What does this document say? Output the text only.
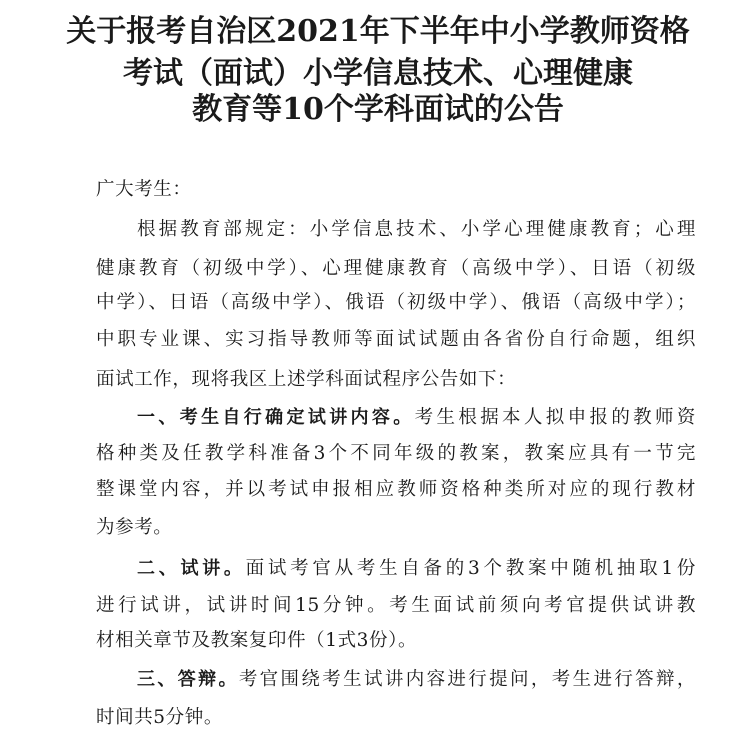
关于报考自治区2021年下半年中小学教师资格
考试（面试）小学信息技术、心理健康
教育等10个学科面试的公告

广大考生：

根据教育部规定：小学信息技术、小学心理健康教育；心理

健康教育（初级中学）、心理健康教育（高级中学）、日语（初级

中学）、日语（高级中学）、俄语（初级中学）、俄语（高级中学）；

中职专业课、实习指导教师等面试试题由各省份自行命题，组织

面试工作，现将我区上述学科面试程序公告如下：

一、考生自行确定试讲内容。考生根据本人拟申报的教师资

格种类及任教学科准备3个不同年级的教案，教案应具有一节完

整课堂内容，并以考试申报相应教师资格种类所对应的现行教材

为参考。

二、试讲。面试考官从考生自备的3个教案中随机抽取1份

进行试讲，试讲时间15分钟。考生面试前须向考官提供试讲教

材相关章节及教案复印件（1式3份）。

三、答辩。考官围绕考生试讲内容进行提问，考生进行答辩，

时间共5分钟。
